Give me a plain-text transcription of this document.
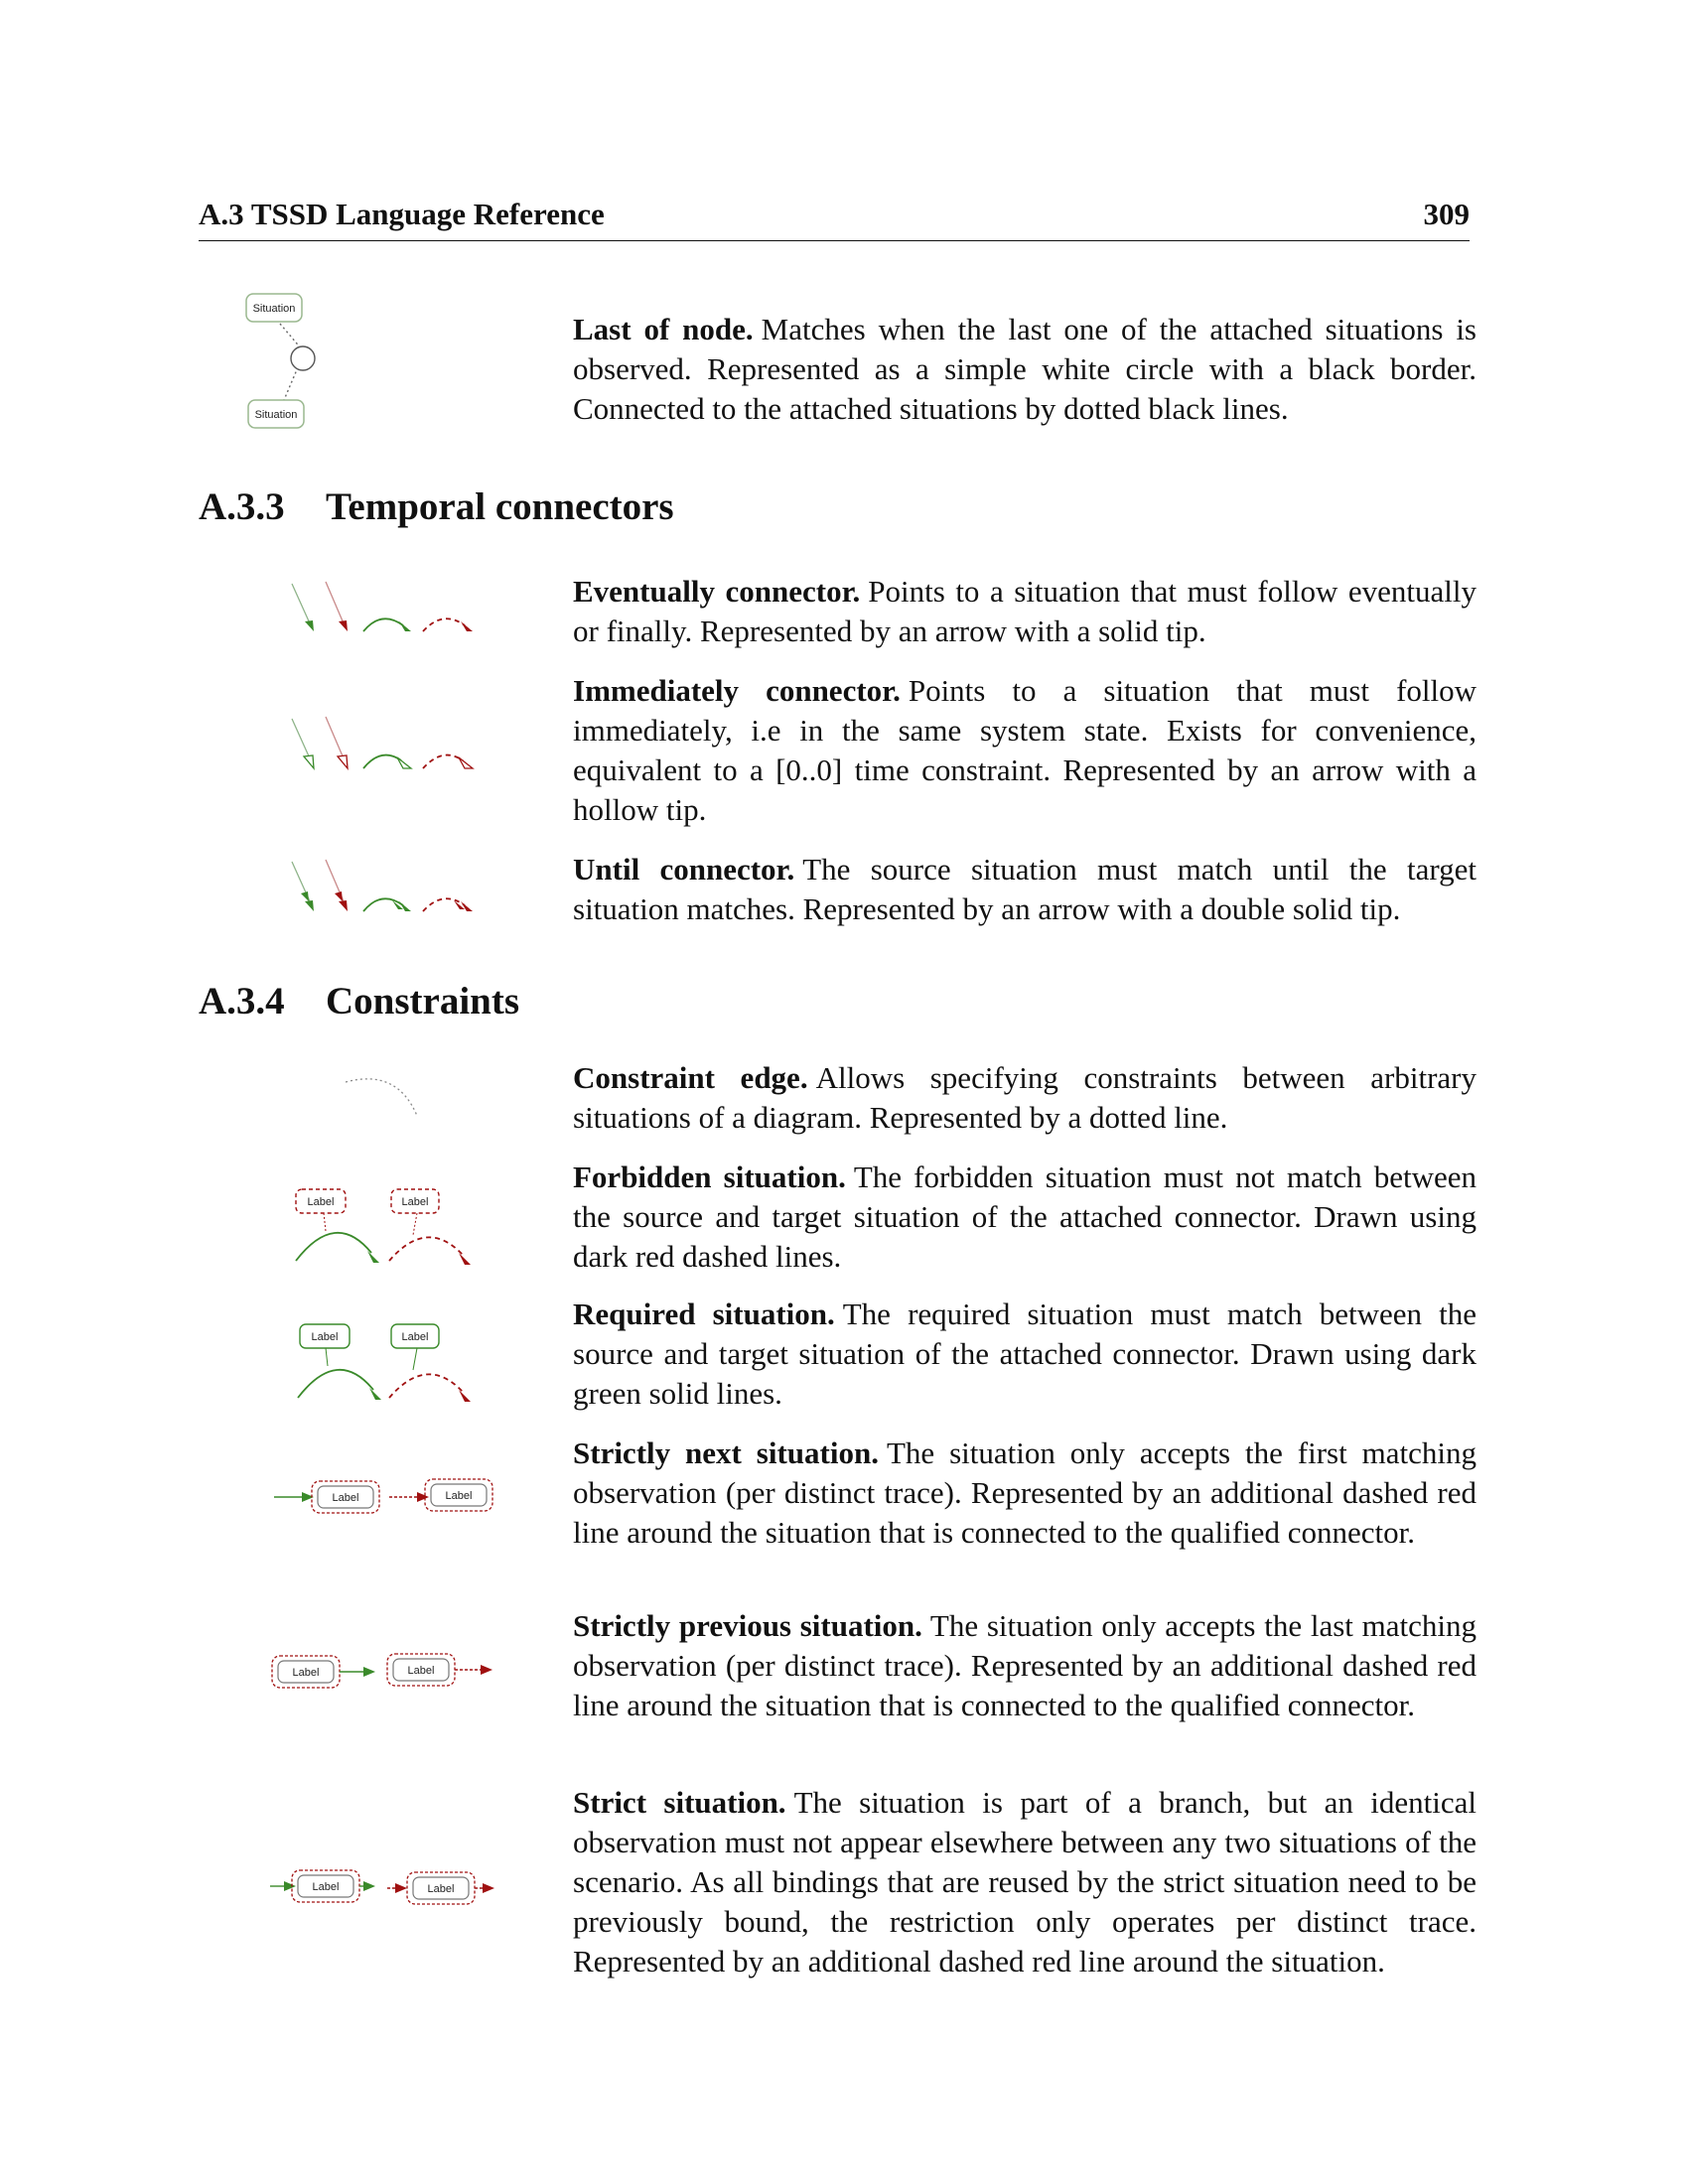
A.3 TSSD Language Reference	309
Situation
Situation
Last of node. Matches when the last one of the attached situations is observed. Represented as a simple white circle with a black border. Connected to the attached situations by dotted black lines.
A.3.3 Temporal connectors
Eventually connector. Points to a situation that must follow eventually or finally. Represented by an arrow with a solid tip.
Immediately connector. Points to a situation that must follow immediately, i.e in the same system state. Exists for convenience, equivalent to a [0..0] time constraint. Represented by an arrow with a hollow tip.
Until connector. The source situation must match until the target situation matches. Represented by an arrow with a double solid tip.
A.3.4 Constraints
Constraint edge. Allows specifying constraints between arbitrary situations of a diagram. Represented by a dotted line.
Label	Label
Forbidden situation. The forbidden situation must not match between the source and target situation of the attached connector. Drawn using dark red dashed lines.
Label	Label
Required situation. The required situation must match between the source and target situation of the attached connector. Drawn using dark green solid lines.
Label	Label
Strictly next situation. The situation only accepts the first matching observation (per distinct trace). Represented by an additional dashed red line around the situation that is connected to the qualified connector.
Label	Label
Strictly previous situation. The situation only accepts the last matching observation (per distinct trace). Represented by an additional dashed red line around the situation that is connected to the qualified connector.
Label	Label
Strict situation. The situation is part of a branch, but an identical observation must not appear elsewhere between any two situations of the scenario. As all bindings that are reused by the strict situation need to be previously bound, the restriction only operates per distinct trace. Represented by an additional dashed red line around the situation.
